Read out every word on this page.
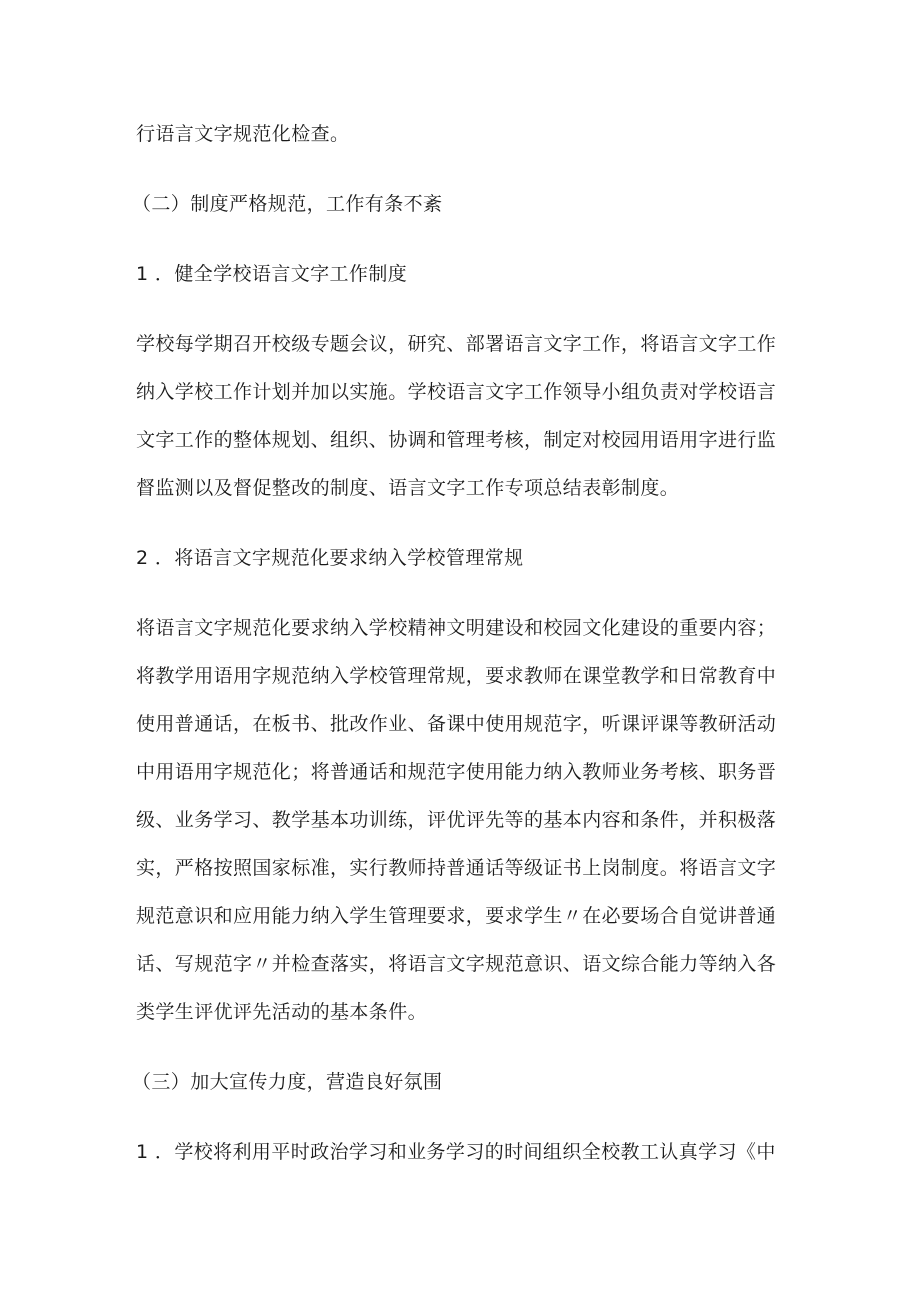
行语言文字规范化检查。
（二）制度严格规范，工作有条不紊
1 ．健全学校语言文字工作制度
学校每学期召开校级专题会议，研究、部署语言文字工作，将语言文字工作
纳入学校工作计划并加以实施。学校语言文字工作领导小组负责对学校语言
文字工作的整体规划、组织、协调和管理考核，制定对校园用语用字进行监
督监测以及督促整改的制度、语言文字工作专项总结表彰制度。
2 ．将语言文字规范化要求纳入学校管理常规
将语言文字规范化要求纳入学校精神文明建设和校园文化建设的重要内容；
将教学用语用字规范纳入学校管理常规，要求教师在课堂教学和日常教育中
使用普通话，在板书、批改作业、备课中使用规范字，听课评课等教研活动
中用语用字规范化；将普通话和规范字使用能力纳入教师业务考核、职务晋
级、业务学习、教学基本功训练，评优评先等的基本内容和条件，并积极落
实，严格按照国家标准，实行教师持普通话等级证书上岗制度。将语言文字
规范意识和应用能力纳入学生管理要求，要求学生〃在必要场合自觉讲普通
话、写规范字〃并检查落实，将语言文字规范意识、语文综合能力等纳入各
类学生评优评先活动的基本条件。
（三）加大宣传力度，营造良好氛围
1 ．学校将利用平时政治学习和业务学习的时间组织全校教工认真学习《中
